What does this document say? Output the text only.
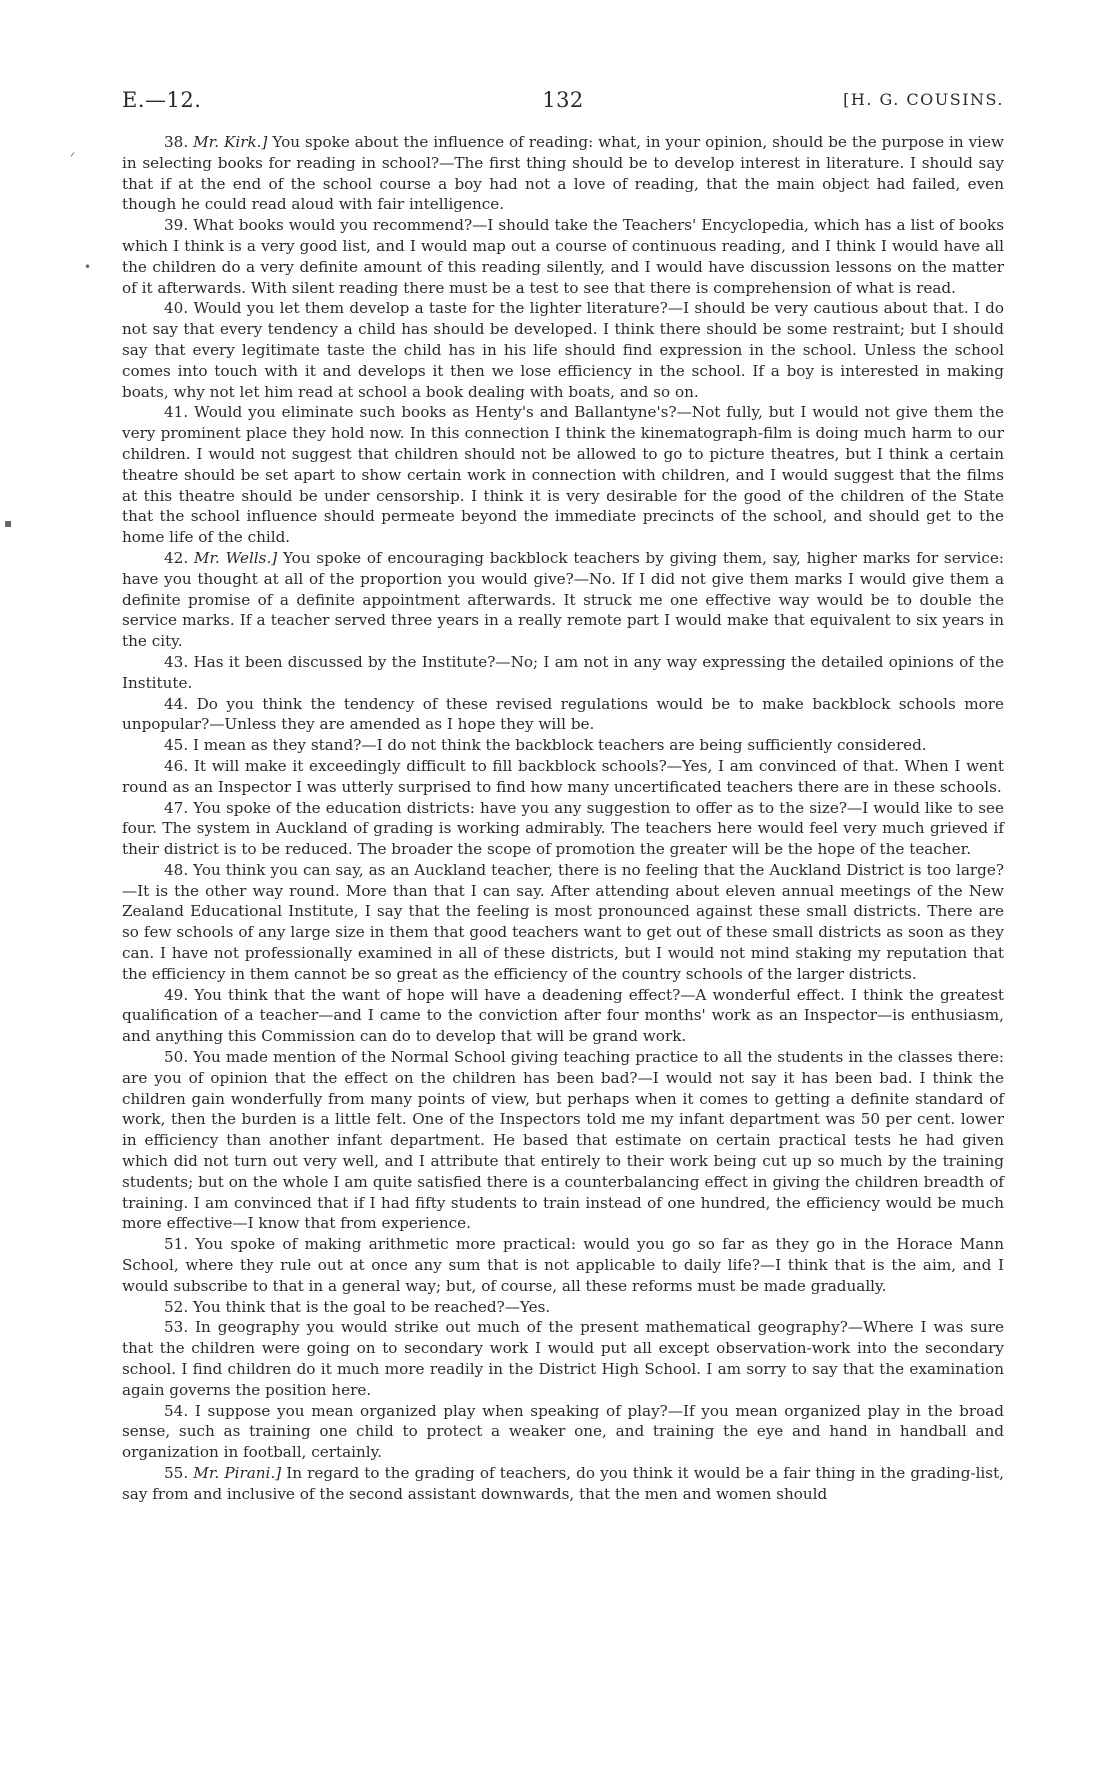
E.—12.	132	[H. G. COUSINS.

38. Mr. Kirk.] You spoke about the influence of reading: what, in your opinion, should be the purpose in view in selecting books for reading in school?—The first thing should be to develop interest in literature. I should say that if at the end of the school course a boy had not a love of reading, that the main object had failed, even though he could read aloud with fair intelligence.

39. What books would you recommend?—I should take the Teachers' Encyclopedia, which has a list of books which I think is a very good list, and I would map out a course of continuous reading, and I think I would have all the children do a very definite amount of this reading silently, and I would have discussion lessons on the matter of it afterwards. With silent reading there must be a test to see that there is comprehension of what is read.

40. Would you let them develop a taste for the lighter literature?—I should be very cautious about that. I do not say that every tendency a child has should be developed. I think there should be some restraint; but I should say that every legitimate taste the child has in his life should find expression in the school. Unless the school comes into touch with it and develops it then we lose efficiency in the school. If a boy is interested in making boats, why not let him read at school a book dealing with boats, and so on.

41. Would you eliminate such books as Henty's and Ballantyne's?—Not fully, but I would not give them the very prominent place they hold now. In this connection I think the kinematograph-film is doing much harm to our children. I would not suggest that children should not be allowed to go to picture theatres, but I think a certain theatre should be set apart to show certain work in connection with children, and I would suggest that the films at this theatre should be under censorship. I think it is very desirable for the good of the children of the State that the school influence should permeate beyond the immediate precincts of the school, and should get to the home life of the child.

42. Mr. Wells.] You spoke of encouraging backblock teachers by giving them, say, higher marks for service: have you thought at all of the proportion you would give?—No. If I did not give them marks I would give them a definite promise of a definite appointment afterwards. It struck me one effective way would be to double the service marks. If a teacher served three years in a really remote part I would make that equivalent to six years in the city.

43. Has it been discussed by the Institute?—No; I am not in any way expressing the detailed opinions of the Institute.

44. Do you think the tendency of these revised regulations would be to make backblock schools more unpopular?—Unless they are amended as I hope they will be.

45. I mean as they stand?—I do not think the backblock teachers are being sufficiently considered.

46. It will make it exceedingly difficult to fill backblock schools?—Yes, I am convinced of that. When I went round as an Inspector I was utterly surprised to find how many uncertificated teachers there are in these schools.

47. You spoke of the education districts: have you any suggestion to offer as to the size?—I would like to see four. The system in Auckland of grading is working admirably. The teachers here would feel very much grieved if their district is to be reduced. The broader the scope of promotion the greater will be the hope of the teacher.

48. You think you can say, as an Auckland teacher, there is no feeling that the Auckland District is too large?—It is the other way round. More than that I can say. After attending about eleven annual meetings of the New Zealand Educational Institute, I say that the feeling is most pronounced against these small districts. There are so few schools of any large size in them that good teachers want to get out of these small districts as soon as they can. I have not professionally examined in all of these districts, but I would not mind staking my reputation that the efficiency in them cannot be so great as the efficiency of the country schools of the larger districts.

49. You think that the want of hope will have a deadening effect?—A wonderful effect. I think the greatest qualification of a teacher—and I came to the conviction after four months' work as an Inspector—is enthusiasm, and anything this Commission can do to develop that will be grand work.

50. You made mention of the Normal School giving teaching practice to all the students in the classes there: are you of opinion that the effect on the children has been bad?—I would not say it has been bad. I think the children gain wonderfully from many points of view, but perhaps when it comes to getting a definite standard of work, then the burden is a little felt. One of the Inspectors told me my infant department was 50 per cent. lower in efficiency than another infant department. He based that estimate on certain practical tests he had given which did not turn out very well, and I attribute that entirely to their work being cut up so much by the training students; but on the whole I am quite satisfied there is a counterbalancing effect in giving the children breadth of training. I am convinced that if I had fifty students to train instead of one hundred, the efficiency would be much more effective—I know that from experience.

51. You spoke of making arithmetic more practical: would you go so far as they go in the Horace Mann School, where they rule out at once any sum that is not applicable to daily life?—I think that is the aim, and I would subscribe to that in a general way; but, of course, all these reforms must be made gradually.

52. You think that is the goal to be reached?—Yes.

53. In geography you would strike out much of the present mathematical geography?—Where I was sure that the children were going on to secondary work I would put all except observation-work into the secondary school. I find children do it much more readily in the District High School. I am sorry to say that the examination again governs the position here.

54. I suppose you mean organized play when speaking of play?—If you mean organized play in the broad sense, such as training one child to protect a weaker one, and training the eye and hand in handball and organization in football, certainly.

55. Mr. Pirani.] In regard to the grading of teachers, do you think it would be a fair thing in the grading-list, say from and inclusive of the second assistant downwards, that the men and women should

ᐟ
•
▪
